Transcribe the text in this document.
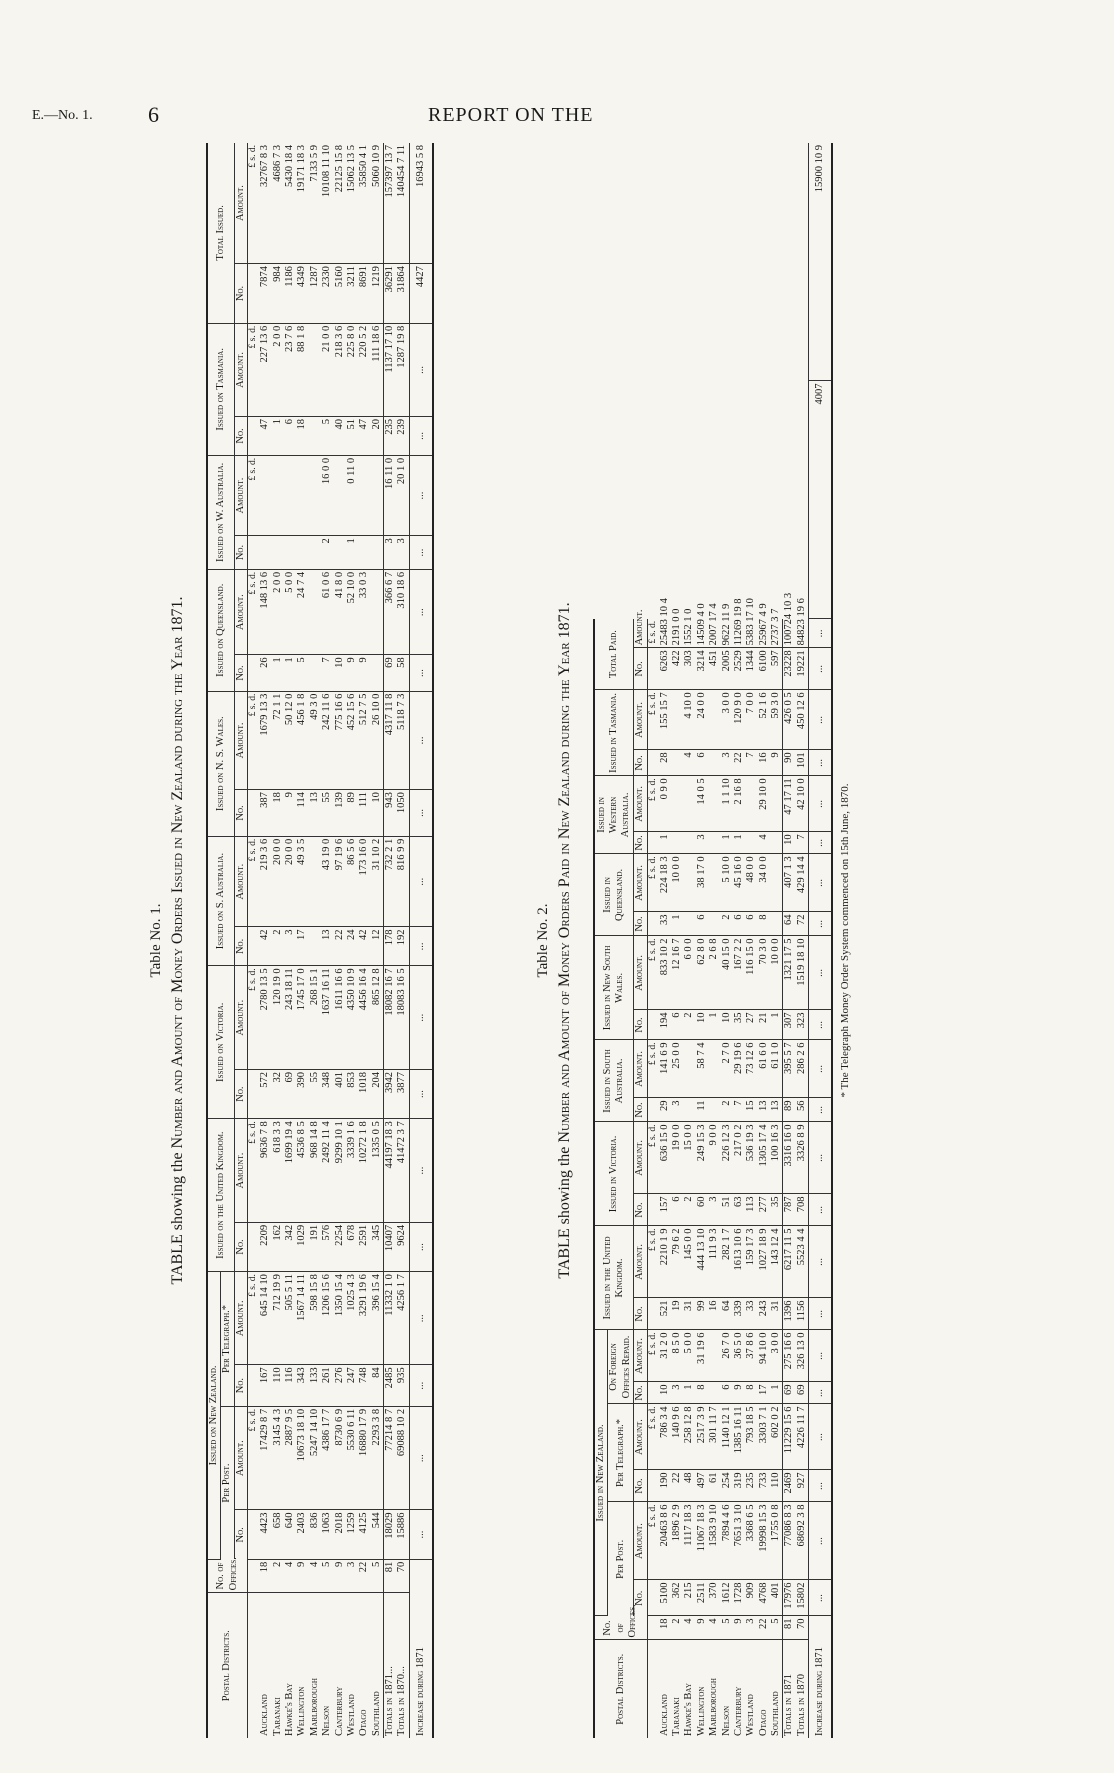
E.—No. 1.	6	REPORT ON THE
Table No. 1.
TABLE showing the Number and Amount of Money Orders Issued in New Zealand during the Year 1871.
Postal Districts.	No. of Offices.	Issued on New Zealand.				Issued on the United Kingdom.		Issued on Victoria.		Issued on S. Australia.		Issued on N. S. Wales.		Issued on Queensland.		Issued on W. Australia.		Issued on Tasmania.		Total Issued.	
		Per Post.		Per Telegraph.*																	
		No.	Amount.	No.	Amount.	No.	Amount.	No.	Amount.	No.	Amount.	No.	Amount.	No.	Amount.	No.	Amount.	No.	Amount.	No.	Amount.
			£ s. d.		£ s. d.		£ s. d.		£ s. d.		£ s. d.		£ s. d.		£ s. d.		£ s. d.		£ s. d.		£ s. d.
Auckland	18	4423	17429 8 7	167	645 14 10	2209	9636 7 8	572	2780 13 5	42	219 3 6	387	1679 13 3	26	148 13 6			47	227 13 6	7874	32767 8 3
Taranaki	2	658	3145 4 3	110	712 19 9	162	618 3 3	32	120 19 0	2	20 0 0	18	72 1 1	1	2 0 0			1	2 0 0	984	4686 7 3
Hawke's Bay	4	640	2887 9 5	116	505 5 11	342	1699 19 4	69	243 18 11	3	20 0 0	9	50 12 0	1	5 0 0			6	23 7 6	1186	5430 18 4
Wellington	9	2403	10673 18 10	343	1567 14 11	1029	4536 8 5	390	1745 17 0	17	49 3 5	114	456 1 8	5	24 7 4			18	88 1 8	4349	19171 18 3
Marlborough	4	836	5247 14 10	133	598 15 8	191	968 14 8	55	268 15 1			13	49 3 0							1287	7133 5 9
Nelson	5	1063	4386 17 7	261	1206 15 6	576	2492 11 4	348	1637 16 11	13	43 19 0	55	242 11 6	7	61 0 6	2	16 0 0	5	21 0 0	2330	10108 11 10
Canterbury	9	2018	8730 6 9	276	1350 15 4	2254	9299 10 1	401	1611 16 6	22	97 19 6	139	775 16 6	10	41 8 0			40	218 3 6	5160	22125 15 8
Westland	3	1259	5530 6 11	247	1025 4 3	678	3339 1 6	853	4350 10 9	24	86 5 6	89	452 15 6	9	52 10 0	1	0 11 0	51	225 8 0	3211	15062 13 5
Otago	22	4125	16880 17 9	748	3291 19 6	2591	10272 1 8	1018	4456 16 4	42	173 16 0	111	512 7 5	9	33 0 3			47	220 5 2	8691	35850 4 1
Southland	5	544	2293 3 8	84	396 15 4	345	1335 0 5	204	865 12 8	12	31 10 2	10	26 10 0					20	111 18 6	1219	5060 10 9
Totals in 1871...	81	18029	77214 8 7	2485	11332 1 0	10407	44197 18 3	3942	18082 16 7	178	732 2 1	943	4317 11 8	69	366 6 7	3	16 11 0	235	1137 17 10	36291	157397 13 7
Totals in 1870...	70	15886	69088 10 2	935	4256 1 7	9624	41472 3 7	3877	18083 16 5	192	816 9 9	1050	5118 7 3	58	310 18 6	3	20 1 0	239	1287 19 8	31864	140454 7 11
Increase during 1871		...	...	...	...	...	...	...	...	...	...	...	...	...	...	...	...	...	...	4427	16943 5 8
Table No. 2.
TABLE showing the Number and Amount of Money Orders Paid in New Zealand during the Year 1871.
Postal Districts.	No. of Offices.	Issued in New Zealand.						Issued in the United Kingdom.		Issued in Victoria.		Issued in South Australia.		Issued in New South Wales.		Issued in Queensland.		Issued in Western Australia.		Issued in Tasmania.		Total Paid.			
		Per Post.		Per Telegraph.*		On Foreign Offices Repaid.																			
		No.	Amount.	No.	Amount.	No.	Amount.	No.	Amount.	No.	Amount.	No.	Amount.	No.	Amount.	No.	Amount.	No.	Amount.	No.	Amount.	No.	Amount.		
			£ s. d.		£ s. d.		£ s. d.		£ s. d.		£ s. d.		£ s. d.		£ s. d.		£ s. d.		£ s. d.		£ s. d.		£ s. d.		
Auckland	18	5100	20463 8 6	190	786 3 4	10	31 2 0	521	2210 1 9	157	636 15 0	29	141 6 9	194	833 10 2	33	224 18 3	1	0 9 0	28	155 15 7	6263	25483 10 4		
Taranaki	2	362	1896 2 9	22	140 9 6	3	8 5 0	19	79 6 2	6	19 0 0	3	25 0 0	6	12 16 7	1	10 0 0					422	2191 0 0		
Hawke's Bay	4	215	1117 18 3	48	258 12 8	1	5 0 0	31	145 0 0	2	15 0 0			2	6 0 0					4	4 10 0	303	1552 1 0		
Wellington	9	2511	11067 18 3	497	2517 3 9	8	31 19 6	99	444 13 10	60	249 15 3	11	58 7 4	10	62 8 0	6	38 17 0	3	14 0 5	6	24 0 0	3214	14509 4 0		
Marlborough	4	370	1583 9 10	61	301 11 7			16	111 9 3	3	9 0 0			1	2 6 8							451	2007 17 4		
Nelson	5	1612	7894 4 6	254	1140 12 1	6	26 7 0	64	282 1 7	51	226 12 3	2	2 7 0	10	40 15 0	2	5 10 0	1	1 1 10	3	3 0 0	2005	9622 11 9		
Canterbury	9	1728	7651 3 10	319	1385 16 11	9	36 5 0	339	1613 10 6	63	217 0 2	7	29 19 6	35	167 2 2	6	45 16 0	1	2 16 8	22	120 9 0	2529	11269 19 8		
Westland	3	909	3368 6 5	235	793 18 5	8	37 8 6	33	159 17 3	113	536 19 3	15	73 12 6	27	116 15 0	6	48 0 0			7	7 0 0	1344	5383 17 10		
Otago	22	4768	19998 15 3	733	3303 7 1	17	94 10 0	243	1027 18 9	277	1305 17 4	13	61 6 0	21	70 3 0	8	34 0 0	4	29 10 0	16	52 1 6	6100	25967 4 9		
Southland	5	401	1755 0 8	110	602 0 2	1	3 0 0	31	143 12 4	35	100 16 3	13	61 1 0	1	10 0 0					9	59 3 0	597	2737 3 7		
Totals in 1871	81	17976	77086 8 3	2469	11229 15 6	69	275 16 6	1396	6217 11 5	787	3316 16 0	89	395 5 7	307	1321 17 5	64	407 1 3	10	47 17 11	90	426 0 5	23228	100724 10 3		
Totals in 1870	70	15802	68692 3 8	927	4226 11 7	69	326 13 0	1156	5523 4 4	708	3326 8 9	56	286 2 6	323	1519 18 10	72	429 14 4	7	42 10 0	101	450 12 6	19221	84823 19 6		
Increase during 1871		...	...	...	...	...	...	...	...	...	...	...	...	...	...	...	...	...	...	...	...	...	...	4007	15900 10 9
* The Telegraph Money Order System commenced on 15th June, 1870.
